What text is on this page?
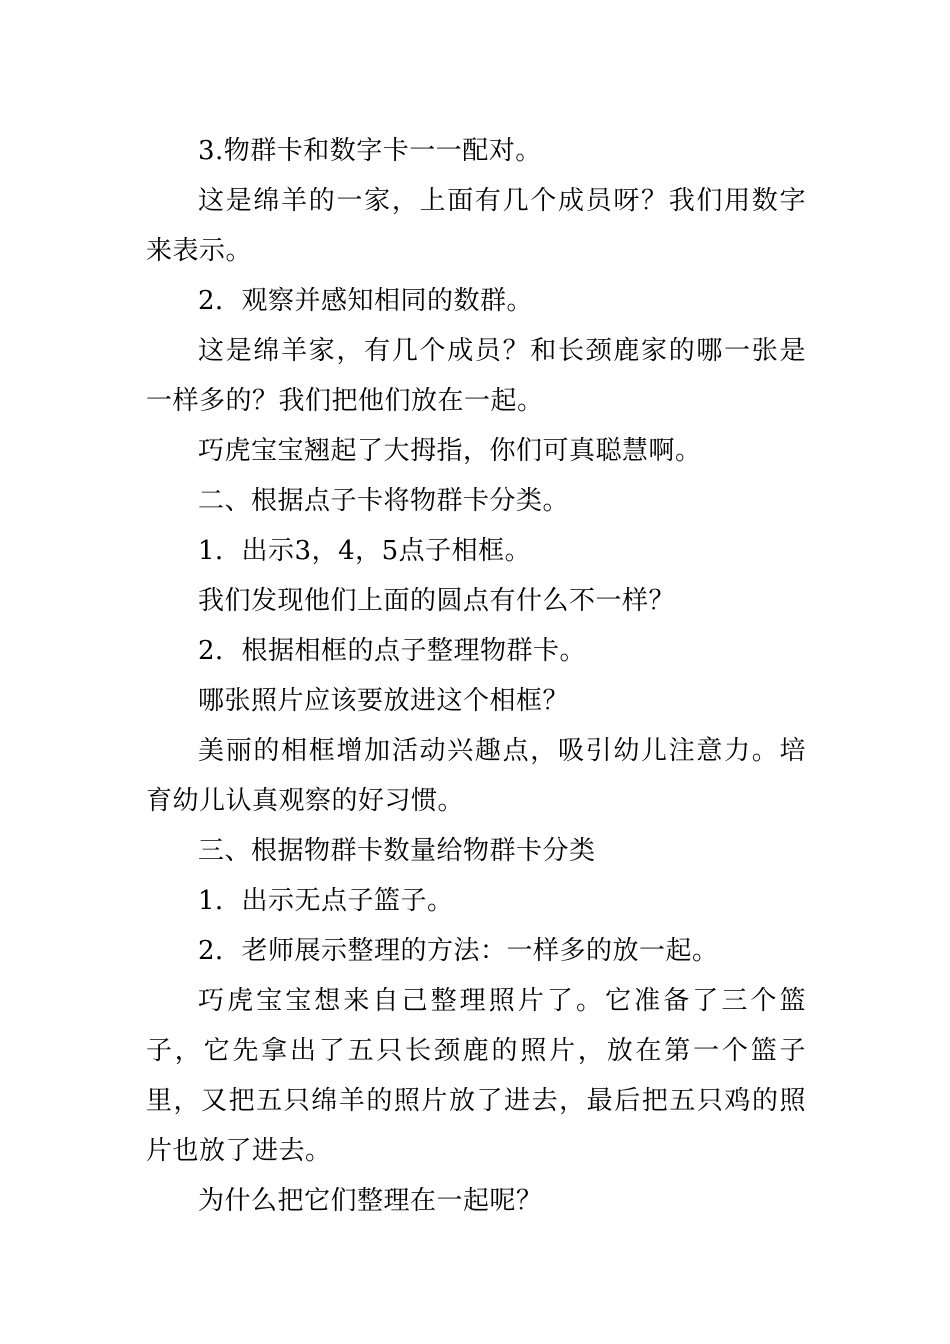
3.物群卡和数字卡一一配对。

这是绵羊的一家，上面有几个成员呀？我们用数字来表示。

2．观察并感知相同的数群。

这是绵羊家，有几个成员？和长颈鹿家的哪一张是一样多的？我们把他们放在一起。

巧虎宝宝翘起了大拇指，你们可真聪慧啊。

二、根据点子卡将物群卡分类。

1．出示3，4，5点子相框。

我们发现他们上面的圆点有什么不一样？

2．根据相框的点子整理物群卡。

哪张照片应该要放进这个相框？

美丽的相框增加活动兴趣点，吸引幼儿注意力。培育幼儿认真观察的好习惯。

三、根据物群卡数量给物群卡分类

1．出示无点子篮子。

2．老师展示整理的方法：一样多的放一起。

巧虎宝宝想来自己整理照片了。它准备了三个篮子，它先拿出了五只长颈鹿的照片，放在第一个篮子里，又把五只绵羊的照片放了进去，最后把五只鸡的照片也放了进去。

为什么把它们整理在一起呢？
